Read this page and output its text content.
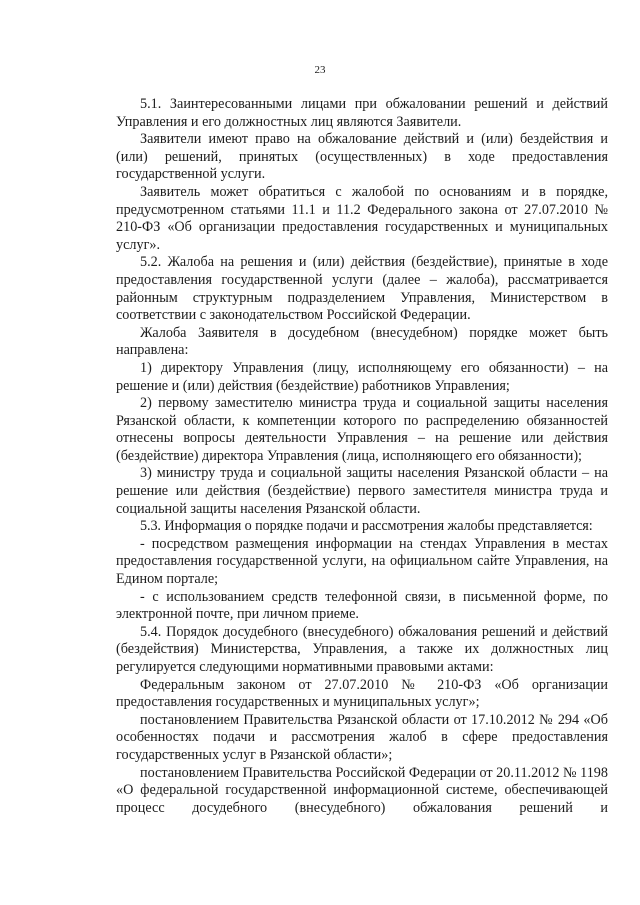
23

5.1. Заинтересованными лицами при обжаловании решений и действий Управления и его должностных лиц являются Заявители.

Заявители имеют право на обжалование действий и (или) бездействия и (или) решений, принятых (осуществленных) в ходе предоставления государственной услуги.

Заявитель может обратиться с жалобой по основаниям и в порядке, предусмотренном статьями 11.1 и 11.2 Федерального закона от 27.07.2010 № 210-ФЗ «Об организации предоставления государственных и муниципальных услуг».

5.2. Жалоба на решения и (или) действия (бездействие), принятые в ходе предоставления государственной услуги (далее – жалоба), рассматривается районным структурным подразделением Управления, Министерством в соответствии с законодательством Российской Федерации.

Жалоба Заявителя в досудебном (внесудебном) порядке может быть направлена:

1) директору Управления (лицу, исполняющему его обязанности) – на решение и (или) действия (бездействие) работников Управления;

2) первому заместителю министра труда и социальной защиты населения Рязанской области, к компетенции которого по распределению обязанностей отнесены вопросы деятельности Управления – на решение или действия (бездействие) директора Управления (лица, исполняющего его обязанности);

3) министру труда и социальной защиты населения Рязанской области – на решение или действия (бездействие) первого заместителя министра труда и социальной защиты населения Рязанской области.

5.3. Информация о порядке подачи и рассмотрения жалобы представляется:

- посредством размещения информации на стендах Управления в местах предоставления государственной услуги, на официальном сайте Управления, на Едином портале;

- с использованием средств телефонной связи, в письменной форме, по электронной почте, при личном приеме.

5.4. Порядок досудебного (внесудебного) обжалования решений и действий (бездействия) Министерства, Управления, а также их должностных лиц регулируется следующими нормативными правовыми актами:

Федеральным законом от 27.07.2010 № 210-ФЗ «Об организации предоставления государственных и муниципальных услуг»;

постановлением Правительства Рязанской области от 17.10.2012 № 294 «Об особенностях подачи и рассмотрения жалоб в сфере предоставления государственных услуг в Рязанской области»;

постановлением Правительства Российской Федерации от 20.11.2012 № 1198 «О федеральной государственной информационной системе, обеспечивающей процесс досудебного (внесудебного) обжалования решений и
